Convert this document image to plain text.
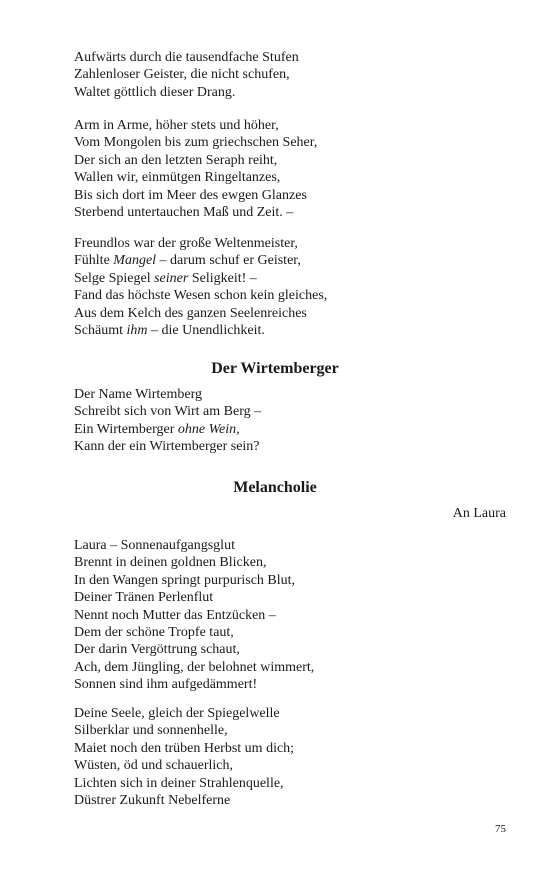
Aufwärts durch die tausendfache Stufen
Zahlenloser Geister, die nicht schufen,
Waltet göttlich dieser Drang.
Arm in Arme, höher stets und höher,
Vom Mongolen bis zum griechschen Seher,
Der sich an den letzten Seraph reiht,
Wallen wir, einmütgen Ringeltanzes,
Bis sich dort im Meer des ewgen Glanzes
Sterbend untertauchen Maß und Zeit. –
Freundlos war der große Weltenmeister,
Fühlte Mangel – darum schuf er Geister,
Selge Spiegel seiner Seligkeit! –
Fand das höchste Wesen schon kein gleiches,
Aus dem Kelch des ganzen Seelenreiches
Schäumt ihm – die Unendlichkeit.
Der Wirtemberger
Der Name Wirtemberg
Schreibt sich von Wirt am Berg –
Ein Wirtemberger ohne Wein,
Kann der ein Wirtemberger sein?
Melancholie
An Laura
Laura – Sonnenaufgangsglut
Brennt in deinen goldnen Blicken,
In den Wangen springt purpurisch Blut,
Deiner Tränen Perlenflut
Nennt noch Mutter das Entzücken –
Dem der schöne Tropfe taut,
Der darin Vergöttrung schaut,
Ach, dem Jüngling, der belohnet wimmert,
Sonnen sind ihm aufgedämmert!
Deine Seele, gleich der Spiegelwelle
Silberklar und sonnenhelle,
Maiet noch den trüben Herbst um dich;
Wüsten, öd und schauerlich,
Lichten sich in deiner Strahlenquelle,
Düstrer Zukunft Nebelferne
75
